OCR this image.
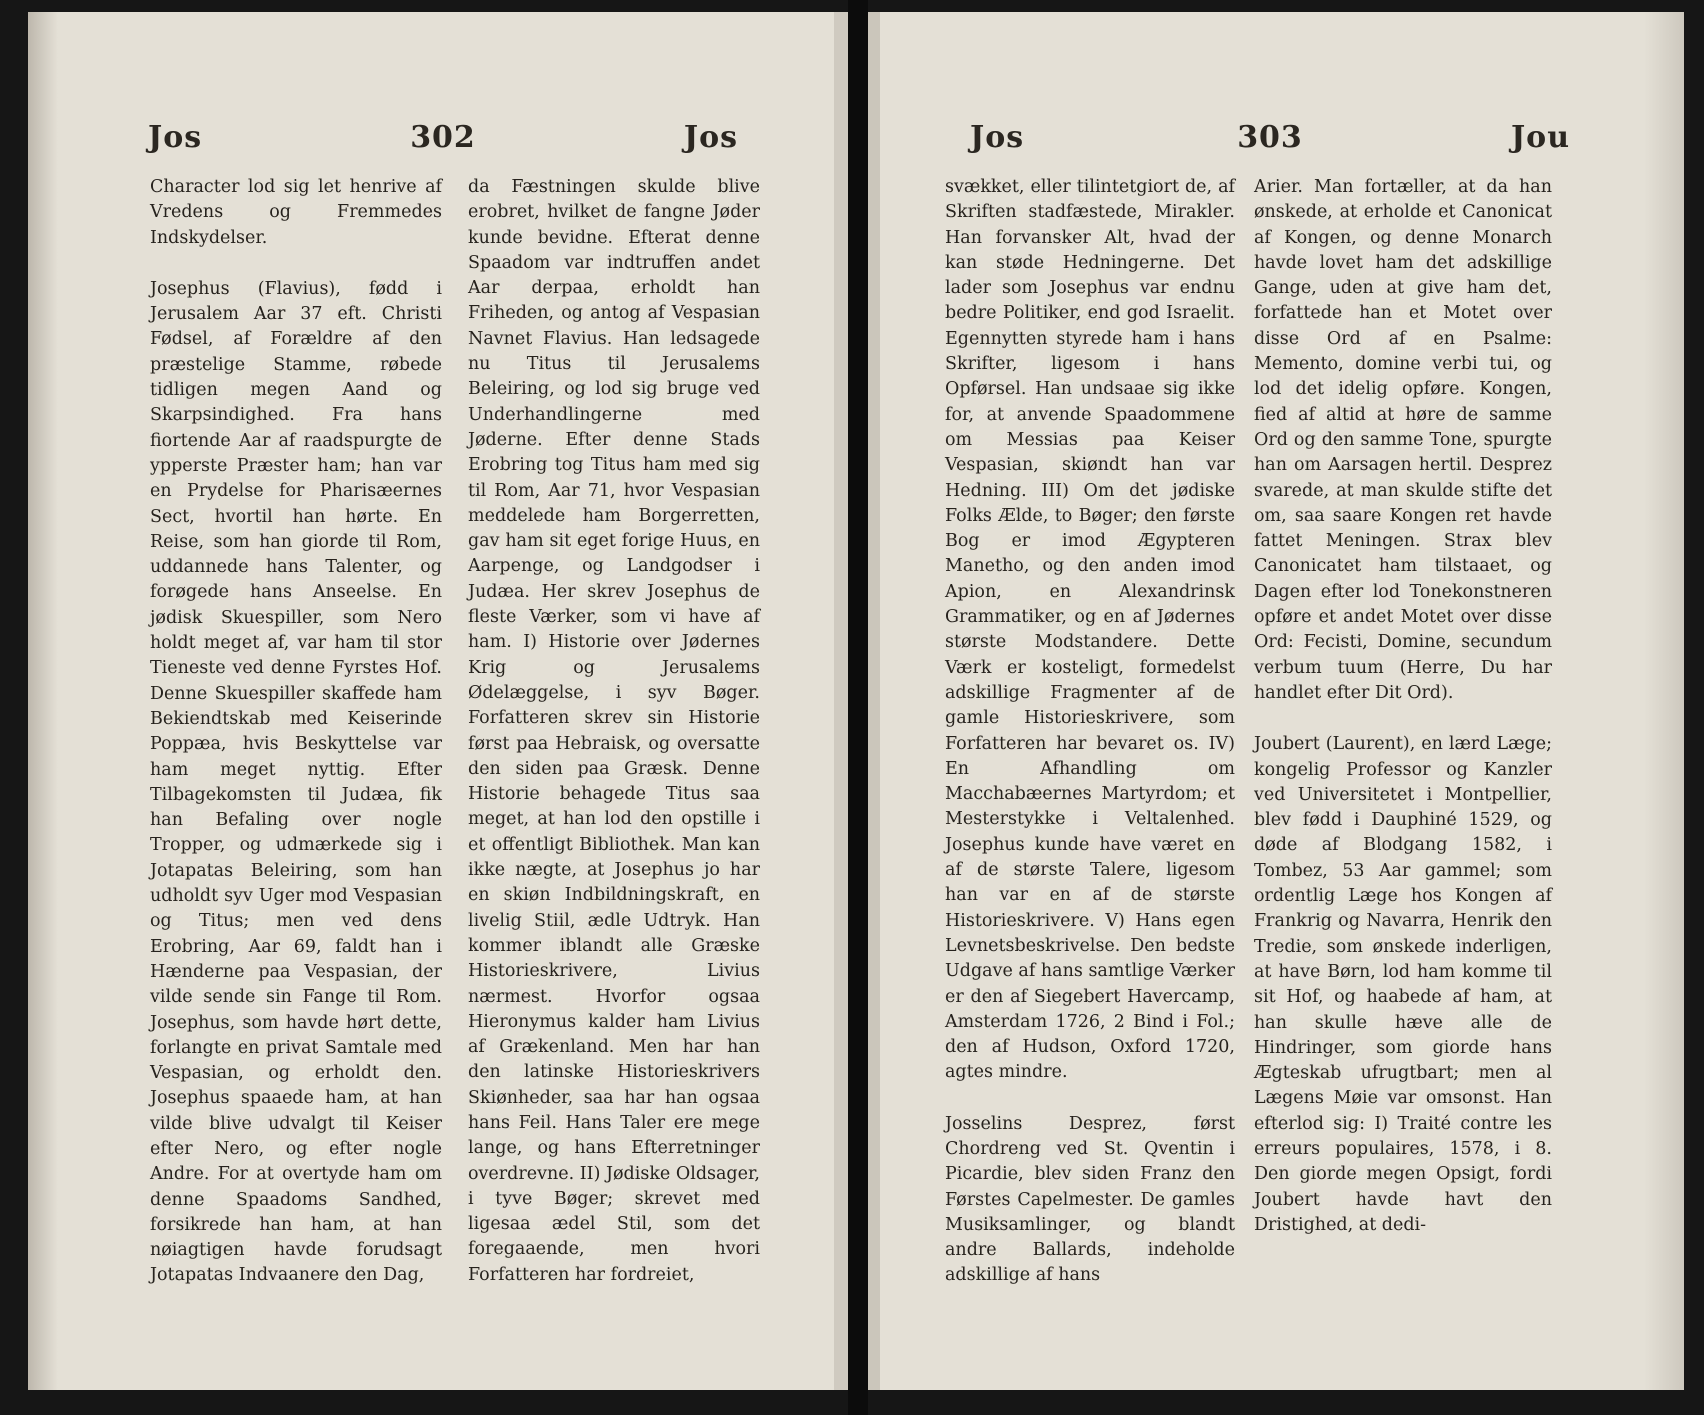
Jos	302	Jos

Character lod sig let henrive af Vredens og Fremmedes Indskydelser.

Josephus (Flavius), fødd i Jerusalem Aar 37 eft. Christi Fødsel, af Forældre af den præstelige Stamme, røbede tidligen megen Aand og Skarpsindighed. Fra hans fiortende Aar af raadspurgte de ypperste Præster ham; han var en Prydelse for Pharisæernes Sect, hvortil han hørte. En Reise, som han giorde til Rom, uddannede hans Talenter, og forøgede hans Anseelse. En jødisk Skuespiller, som Nero holdt meget af, var ham til stor Tieneste ved denne Fyrstes Hof. Denne Skuespiller skaffede ham Bekiendtskab med Keiserinde Poppæa, hvis Beskyttelse var ham meget nyttig. Efter Tilbagekomsten til Judæa, fik han Befaling over nogle Tropper, og udmærkede sig i Jotapatas Beleiring, som han udholdt syv Uger mod Vespasian og Titus; men ved dens Erobring, Aar 69, faldt han i Hænderne paa Vespasian, der vilde sende sin Fange til Rom. Josephus, som havde hørt dette, forlangte en privat Samtale med Vespasian, og erholdt den. Josephus spaaede ham, at han vilde blive udvalgt til Keiser efter Nero, og efter nogle Andre. For at overtyde ham om denne Spaadoms Sandhed, forsikrede han ham, at han nøiagtigen havde forudsagt Jotapatas Indvaanere den Dag,

da Fæstningen skulde blive erobret, hvilket de fangne Jøder kunde bevidne. Efterat denne Spaadom var indtruffen andet Aar derpaa, erholdt han Friheden, og antog af Vespasian Navnet Flavius. Han ledsagede nu Titus til Jerusalems Beleiring, og lod sig bruge ved Underhandlingerne med Jøderne. Efter denne Stads Erobring tog Titus ham med sig til Rom, Aar 71, hvor Vespasian meddelede ham Borgerretten, gav ham sit eget forige Huus, en Aarpenge, og Landgodser i Judæa. Her skrev Josephus de fleste Værker, som vi have af ham. I) Historie over Jødernes Krig og Jerusalems Ødelæggelse, i syv Bøger. Forfatteren skrev sin Historie først paa Hebraisk, og oversatte den siden paa Græsk. Denne Historie behagede Titus saa meget, at han lod den opstille i et offentligt Bibliothek. Man kan ikke nægte, at Josephus jo har en skiøn Indbildningskraft, en livelig Stiil, ædle Udtryk. Han kommer iblandt alle Græske Historieskrivere, Livius nærmest. Hvorfor ogsaa Hieronymus kalder ham Livius af Grækenland. Men har han den latinske Historieskrivers Skiønheder, saa har han ogsaa hans Feil. Hans Taler ere mege lange, og hans Efterretninger overdrevne. II) Jødiske Oldsager, i tyve Bøger; skrevet med ligesaa ædel Stil, som det foregaaende, men hvori Forfatteren har fordreiet,

Jos	303	Jou

svækket, eller tilintetgiort de, af Skriften stadfæstede, Mirakler. Han forvansker Alt, hvad der kan støde Hedningerne. Det lader som Josephus var endnu bedre Politiker, end god Israelit. Egennytten styrede ham i hans Skrifter, ligesom i hans Opførsel. Han undsaae sig ikke for, at anvende Spaadommene om Messias paa Keiser Vespasian, skiøndt han var Hedning. III) Om det jødiske Folks Ælde, to Bøger; den første Bog er imod Ægypteren Manetho, og den anden imod Apion, en Alexandrinsk Grammatiker, og en af Jødernes største Modstandere. Dette Værk er kosteligt, formedelst adskillige Fragmenter af de gamle Historieskrivere, som Forfatteren har bevaret os. IV) En Afhandling om Macchabæernes Martyrdom; et Mesterstykke i Veltalenhed. Josephus kunde have været en af de største Talere, ligesom han var en af de største Historieskrivere. V) Hans egen Levnetsbeskrivelse. Den bedste Udgave af hans samtlige Værker er den af Siegebert Havercamp, Amsterdam 1726, 2 Bind i Fol.; den af Hudson, Oxford 1720, agtes mindre.

Josselins Desprez, først Chordreng ved St. Qventin i Picardie, blev siden Franz den Førstes Capelmester. De gamles Musiksamlinger, og blandt andre Ballards, indeholde adskillige af hans

Arier. Man fortæller, at da han ønskede, at erholde et Canonicat af Kongen, og denne Monarch havde lovet ham det adskillige Gange, uden at give ham det, forfattede han et Motet over disse Ord af en Psalme: Memento, domine verbi tui, og lod det idelig opføre. Kongen, fied af altid at høre de samme Ord og den samme Tone, spurgte han om Aarsagen hertil. Desprez svarede, at man skulde stifte det om, saa saare Kongen ret havde fattet Meningen. Strax blev Canonicatet ham tilstaaet, og Dagen efter lod Tonekonstneren opføre et andet Motet over disse Ord: Fecisti, Domine, secundum verbum tuum (Herre, Du har handlet efter Dit Ord).

Joubert (Laurent), en lærd Læge; kongelig Professor og Kanzler ved Universitetet i Montpellier, blev fødd i Dauphiné 1529, og døde af Blodgang 1582, i Tombez, 53 Aar gammel; som ordentlig Læge hos Kongen af Frankrig og Navarra, Henrik den Tredie, som ønskede inderligen, at have Børn, lod ham komme til sit Hof, og haabede af ham, at han skulle hæve alle de Hindringer, som giorde hans Ægteskab ufrugtbart; men al Lægens Møie var omsonst. Han efterlod sig: I) Traité contre les erreurs populaires, 1578, i 8. Den giorde megen Opsigt, fordi Joubert havde havt den Dristighed, at dedi-
